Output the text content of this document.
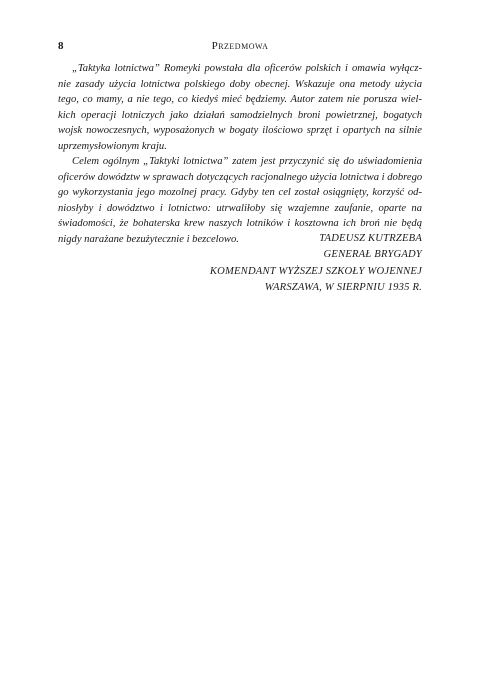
8	Przedmowa

„Taktyka lotnictwa” Romeyki powstała dla oficerów polskich i omawia wyłącz-
nie zasady użycia lotnictwa polskiego doby obecnej. Wskazuje ona metody użycia
tego, co mamy, a nie tego, co kiedyś mieć będziemy. Autor zatem nie porusza wiel-
kich operacji lotniczych jako działań samodzielnych broni powietrznej, bogatych
wojsk nowoczesnych, wyposażonych w bogaty ilościowo sprzęt i opartych na silnie
uprzemysłowionym kraju.

Celem ogólnym „Taktyki lotnictwa” zatem jest przyczynić się do uświadomienia
oficerów dowództw w sprawach dotyczących racjonalnego użycia lotnictwa i dobrego
go wykorzystania jego mozolnej pracy. Gdyby ten cel został osiągnięty, korzyść od-
niosłyby i dowództwo i lotnictwo: utrwaliłoby się wzajemne zaufanie, oparte na
świadomości, że bohaterska krew naszych lotników i kosztowna ich broń nie będą
nigdy narażane bezużytecznie i bezcelowo.	TADEUSZ KUTRZEBA
GENERAŁ BRYGADY
KOMENDANT WYŻSZEJ SZKOŁY WOJENNEJ
WARSZAWA, W SIERPNIU 1935 R.
